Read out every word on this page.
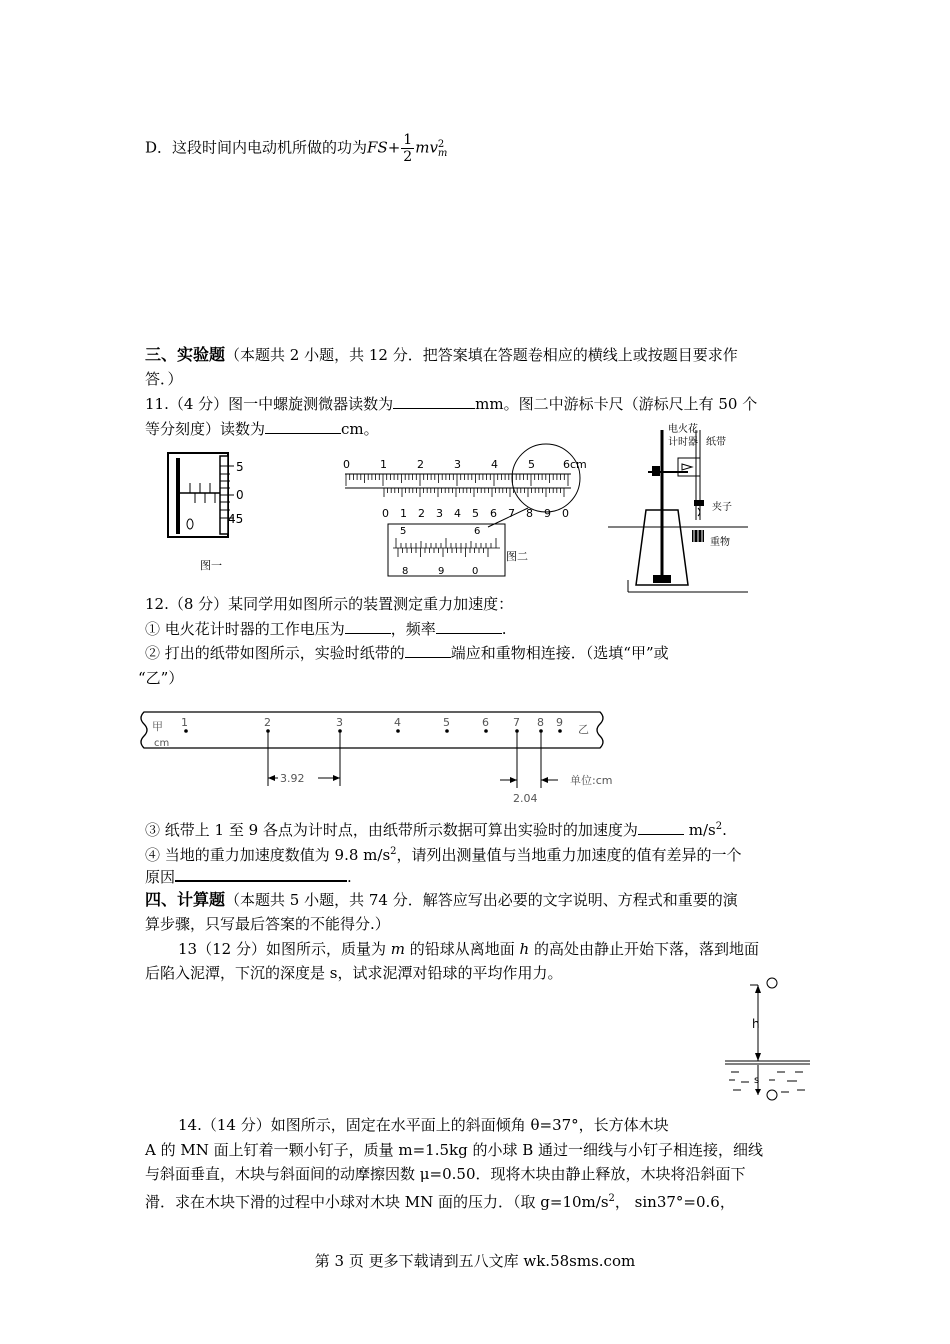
D．这段时间内电动机所做的功为$FS+ \frac{1}{2}$ mv 2
m
三、实验题（本题共 2 小题，共 12 分．把答案填在答题卷相应的横线上或按题目要求作
答．）
11.（4 分）图一中螺旋测微器读数为	mm。图二中游标卡尺（游标尺上有 50 个
等分刻度）读数为	cm。
5
0
45
图一
图二
0	1	2	3	4	5	6cm
0 1 2 3 4 5 6 7 8 9 0
5	6
8	9	0
电火花
计时器 纸带
夹子
重物
12.（8 分）某同学用如图所示的装置测定重力加速度：
① 电火花计时器的工作电压为	，频率	.
② 打出的纸带如图所示，实验时纸带的	端应和重物相连接．（选填“甲”或
“乙”）
甲
cm
乙
1	2	3	4	5	6 7 8 9
3.92
2.04
单位:cm
③ 纸带上 1 至 9 各点为计时点，由纸带所示数据可算出实验时的加速度为	$m/s^2$.
④ 当地的重力加速度数值为 9.8 $m/s^2$，请列出测量值与当地重力加速度的值有差异的一个
原因	.
四、计算题（本题共 5 小题，共 74 分．解答应写出必要的文字说明、方程式和重要的演
算步骤，只写最后答案的不能得分.）
13（12 分）如图所示，质量为 m 的铅球从离地面 h 的高处由静止开始下落，落到地面
后陷入泥潭，下沉的深度是 s，试求泥潭对铅球的平均作用力。
h
s
14.（14 分）如图所示，固定在水平面上的斜面倾角 θ=37°，长方体木块
A 的 MN 面上钉着一颗小钉子，质量 m=1.5kg 的小球 B 通过一细线与小钉子相连接，细线
与斜面垂直，木块与斜面间的动摩擦因数 μ=0.50．现将木块由静止释放，木块将沿斜面下
滑．求在木块下滑的过程中小球对木块 MN 面的压力．（取 $g=10m/s^2$， sin37°=0.6，
第 3 页 更多下载请到五八文库 wk.58sms.com
